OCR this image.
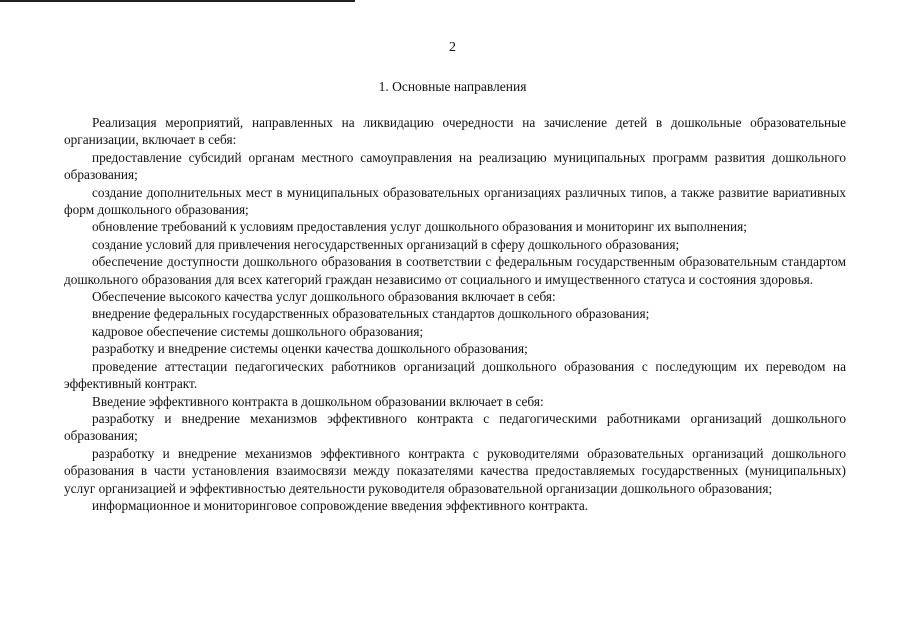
2
1. Основные направления

Реализация мероприятий, направленных на ликвидацию очередности на зачисление детей в дошкольные образовательные организации, включает в себя:

предоставление субсидий органам местного самоуправления на реализацию муниципальных программ развития дошкольного образования;

создание дополнительных мест в муниципальных образовательных организациях различных типов, а также развитие вариативных форм дошкольного образования;

обновление требований к условиям предоставления услуг дошкольного образования и мониторинг их выполнения;

создание условий для привлечения негосударственных организаций в сферу дошкольного образования;

обеспечение доступности дошкольного образования в соответствии с федеральным государственным образовательным стандартом дошкольного образования для всех категорий граждан независимо от социального и имущественного статуса и состояния здоровья.

Обеспечение высокого качества услуг дошкольного образования включает в себя:

внедрение федеральных государственных образовательных стандартов дошкольного образования;

кадровое обеспечение системы дошкольного образования;

разработку и внедрение системы оценки качества дошкольного образования;

проведение аттестации педагогических работников организаций дошкольного образования с последующим их переводом на эффективный контракт.

Введение эффективного контракта в дошкольном образовании включает в себя:

разработку и внедрение механизмов эффективного контракта с педагогическими работниками организаций дошкольного образования;

разработку и внедрение механизмов эффективного контракта с руководителями образовательных организаций дошкольного образования в части установления взаимосвязи между показателями качества предоставляемых государственных (муниципальных) услуг организацией и эффективностью деятельности руководителя образовательной организации дошкольного образования;

информационное и мониторинговое сопровождение введения эффективного контракта.
